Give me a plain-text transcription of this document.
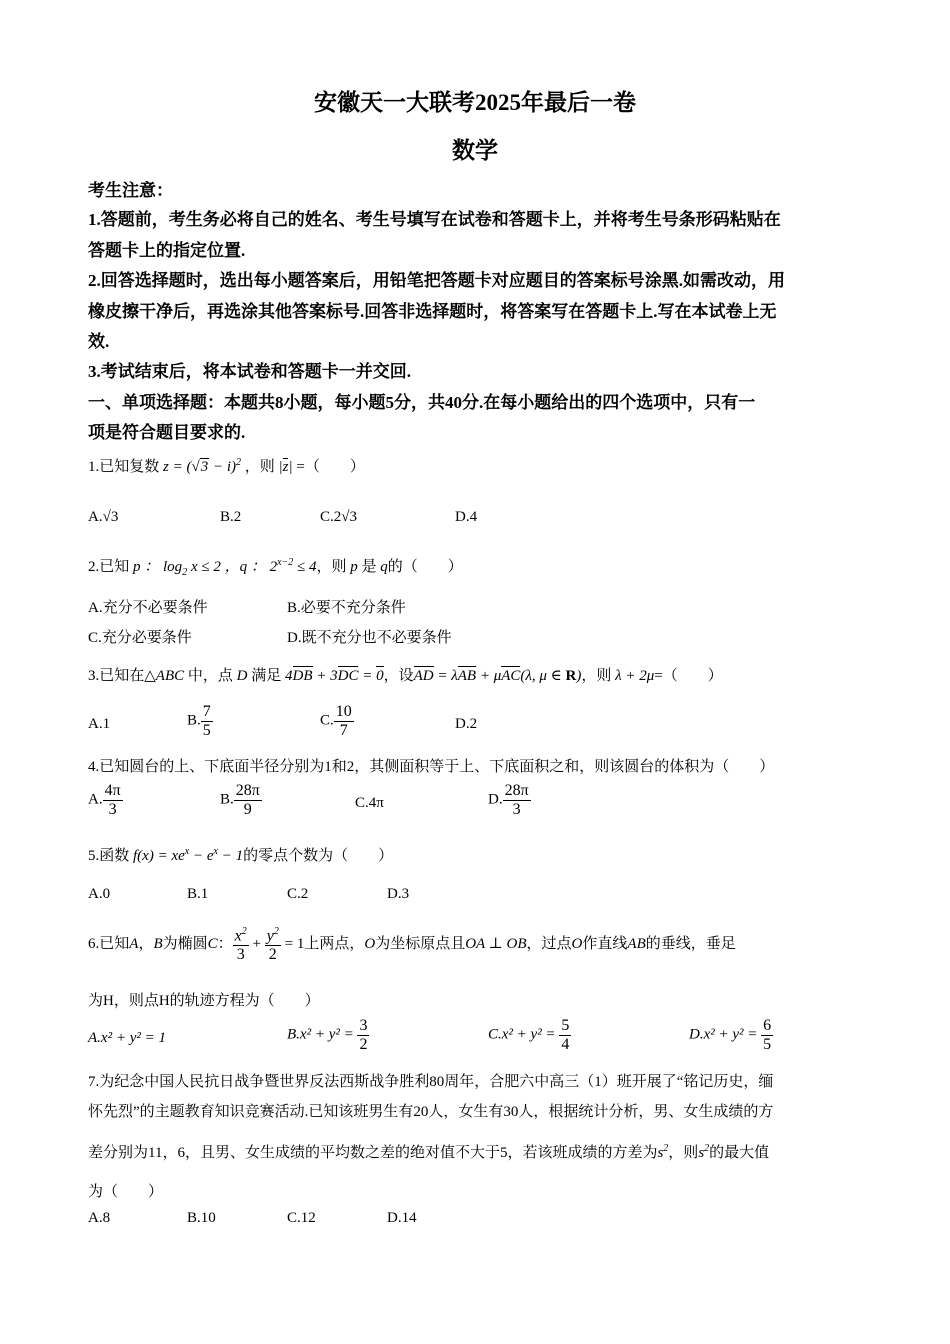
安徽天一大联考2025年最后一卷
数学
考生注意：
1.答题前，考生务必将自己的姓名、考生号填写在试卷和答题卡上，并将考生号条形码粘贴在
答题卡上的指定位置.
2.回答选择题时，选出每小题答案后，用铅笔把答题卡对应题目的答案标号涂黑.如需改动，用
橡皮擦干净后，再选涂其他答案标号.回答非选择题时，将答案写在答题卡上.写在本试卷上无
效.
3.考试结束后，将本试卷和答题卡一并交回.
一、单项选择题：本题共8小题，每小题5分，共40分.在每小题给出的四个选项中，只有一
项是符合题目要求的.
1.已知复数 $z = (√3 - i)^2$ ，则 |z| =（　　）
A.√3	B.2	C.2√3	D.4
2.已知 p ： $\log_2 x \le 2$ ，q ： $2^{x-2} \le 4$，则 p 是 q的（　　）
A.充分不必要条件	B.必要不充分条件
C.充分必要条件	D.既不充分也不必要条件
3.已知在△ABC 中，点 D 满足 4DB + 3DC = 0，设AD = λAB + μAC(λ, μ ∈ R)，则 λ + 2μ=（　　）
A.1	B. $\frac{7}{5}$	C. $\frac{10}{7}$	D.2
4.已知圆台的上、下底面半径分别为1和2，其侧面积等于上、下底面积之和，则该圆台的体积为（　　）
A. $\frac{4\pi}{3}$	B. $\frac{28\pi}{9}$	C.4π	D. $\frac{28\pi}{3}$
5.函数 $f(x) = xe^x - e^x - 1$的零点个数为（　　）
A.0	B.1	C.2	D.3
6.已知A，B为椭圆C： $\frac{x^2}{3} + \frac{y^2}{2} = 1$上两点，O为坐标原点且OA ⊥ OB，过点O作直线AB的垂线，垂足
为H，则点H的轨迹方程为（　　）
A.x² + y² = 1	$B.x^2 + y^2 = \frac{3}{2}$	$C.x^2 + y^2 = \frac{5}{4}$	$D.x^2 + y^2 = \frac{6}{5}$
7.为纪念中国人民抗日战争暨世界反法西斯战争胜利80周年，合肥六中高三（1）班开展了“铭记历史，缅
怀先烈”的主题教育知识竞赛活动.已知该班男生有20人，女生有30人，根据统计分析，男、女生成绩的方
差分别为11，6，且男、女生成绩的平均数之差的绝对值不大于5，若该班成绩的方差为$s^2$，则$s^2$的最大值
为（　　）
A.8	B.10	C.12	D.14
